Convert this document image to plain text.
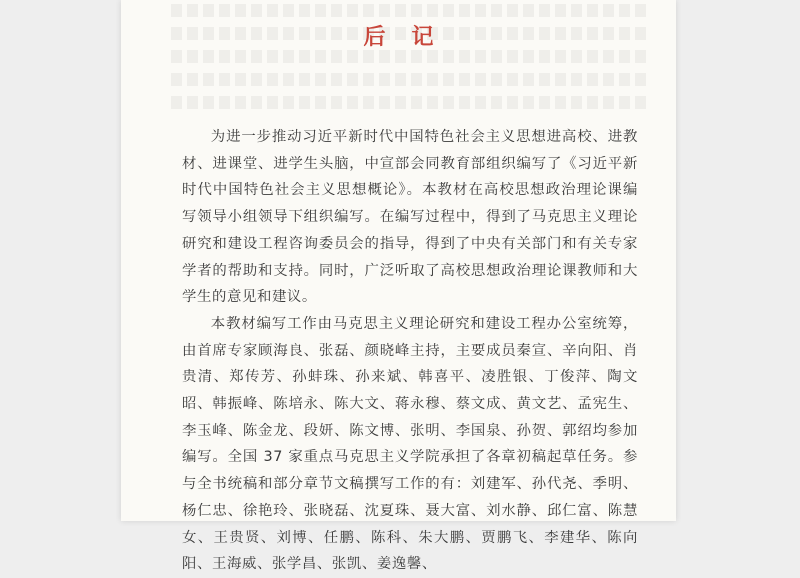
后记

为进一步推动习近平新时代中国特色社会主义思想进高校、进教材、进课堂、进学生头脑，中宣部会同教育部组织编写了《习近平新时代中国特色社会主义思想概论》。本教材在高校思想政治理论课编写领导小组领导下组织编写。在编写过程中，得到了马克思主义理论研究和建设工程咨询委员会的指导，得到了中央有关部门和有关专家学者的帮助和支持。同时，广泛听取了高校思想政治理论课教师和大学生的意见和建议。

本教材编写工作由马克思主义理论研究和建设工程办公室统筹，由首席专家顾海良、张磊、颜晓峰主持，主要成员秦宣、辛向阳、肖贵清、郑传芳、孙蚌珠、孙来斌、韩喜平、凌胜银、丁俊萍、陶文昭、韩振峰、陈培永、陈大文、蒋永穆、蔡文成、黄文艺、孟宪生、李玉峰、陈金龙、段妍、陈文博、张明、李国泉、孙贺、郭绍均参加编写。全国 37 家重点马克思主义学院承担了各章初稿起草任务。参与全书统稿和部分章节文稿撰写工作的有：刘建军、孙代尧、季明、杨仁忠、徐艳玲、张晓磊、沈夏珠、聂大富、刘水静、邱仁富、陈慧女、王贵贤、刘博、任鹏、陈科、朱大鹏、贾鹏飞、李建华、陈向阳、王海威、张学昌、张凯、姜逸馨、
